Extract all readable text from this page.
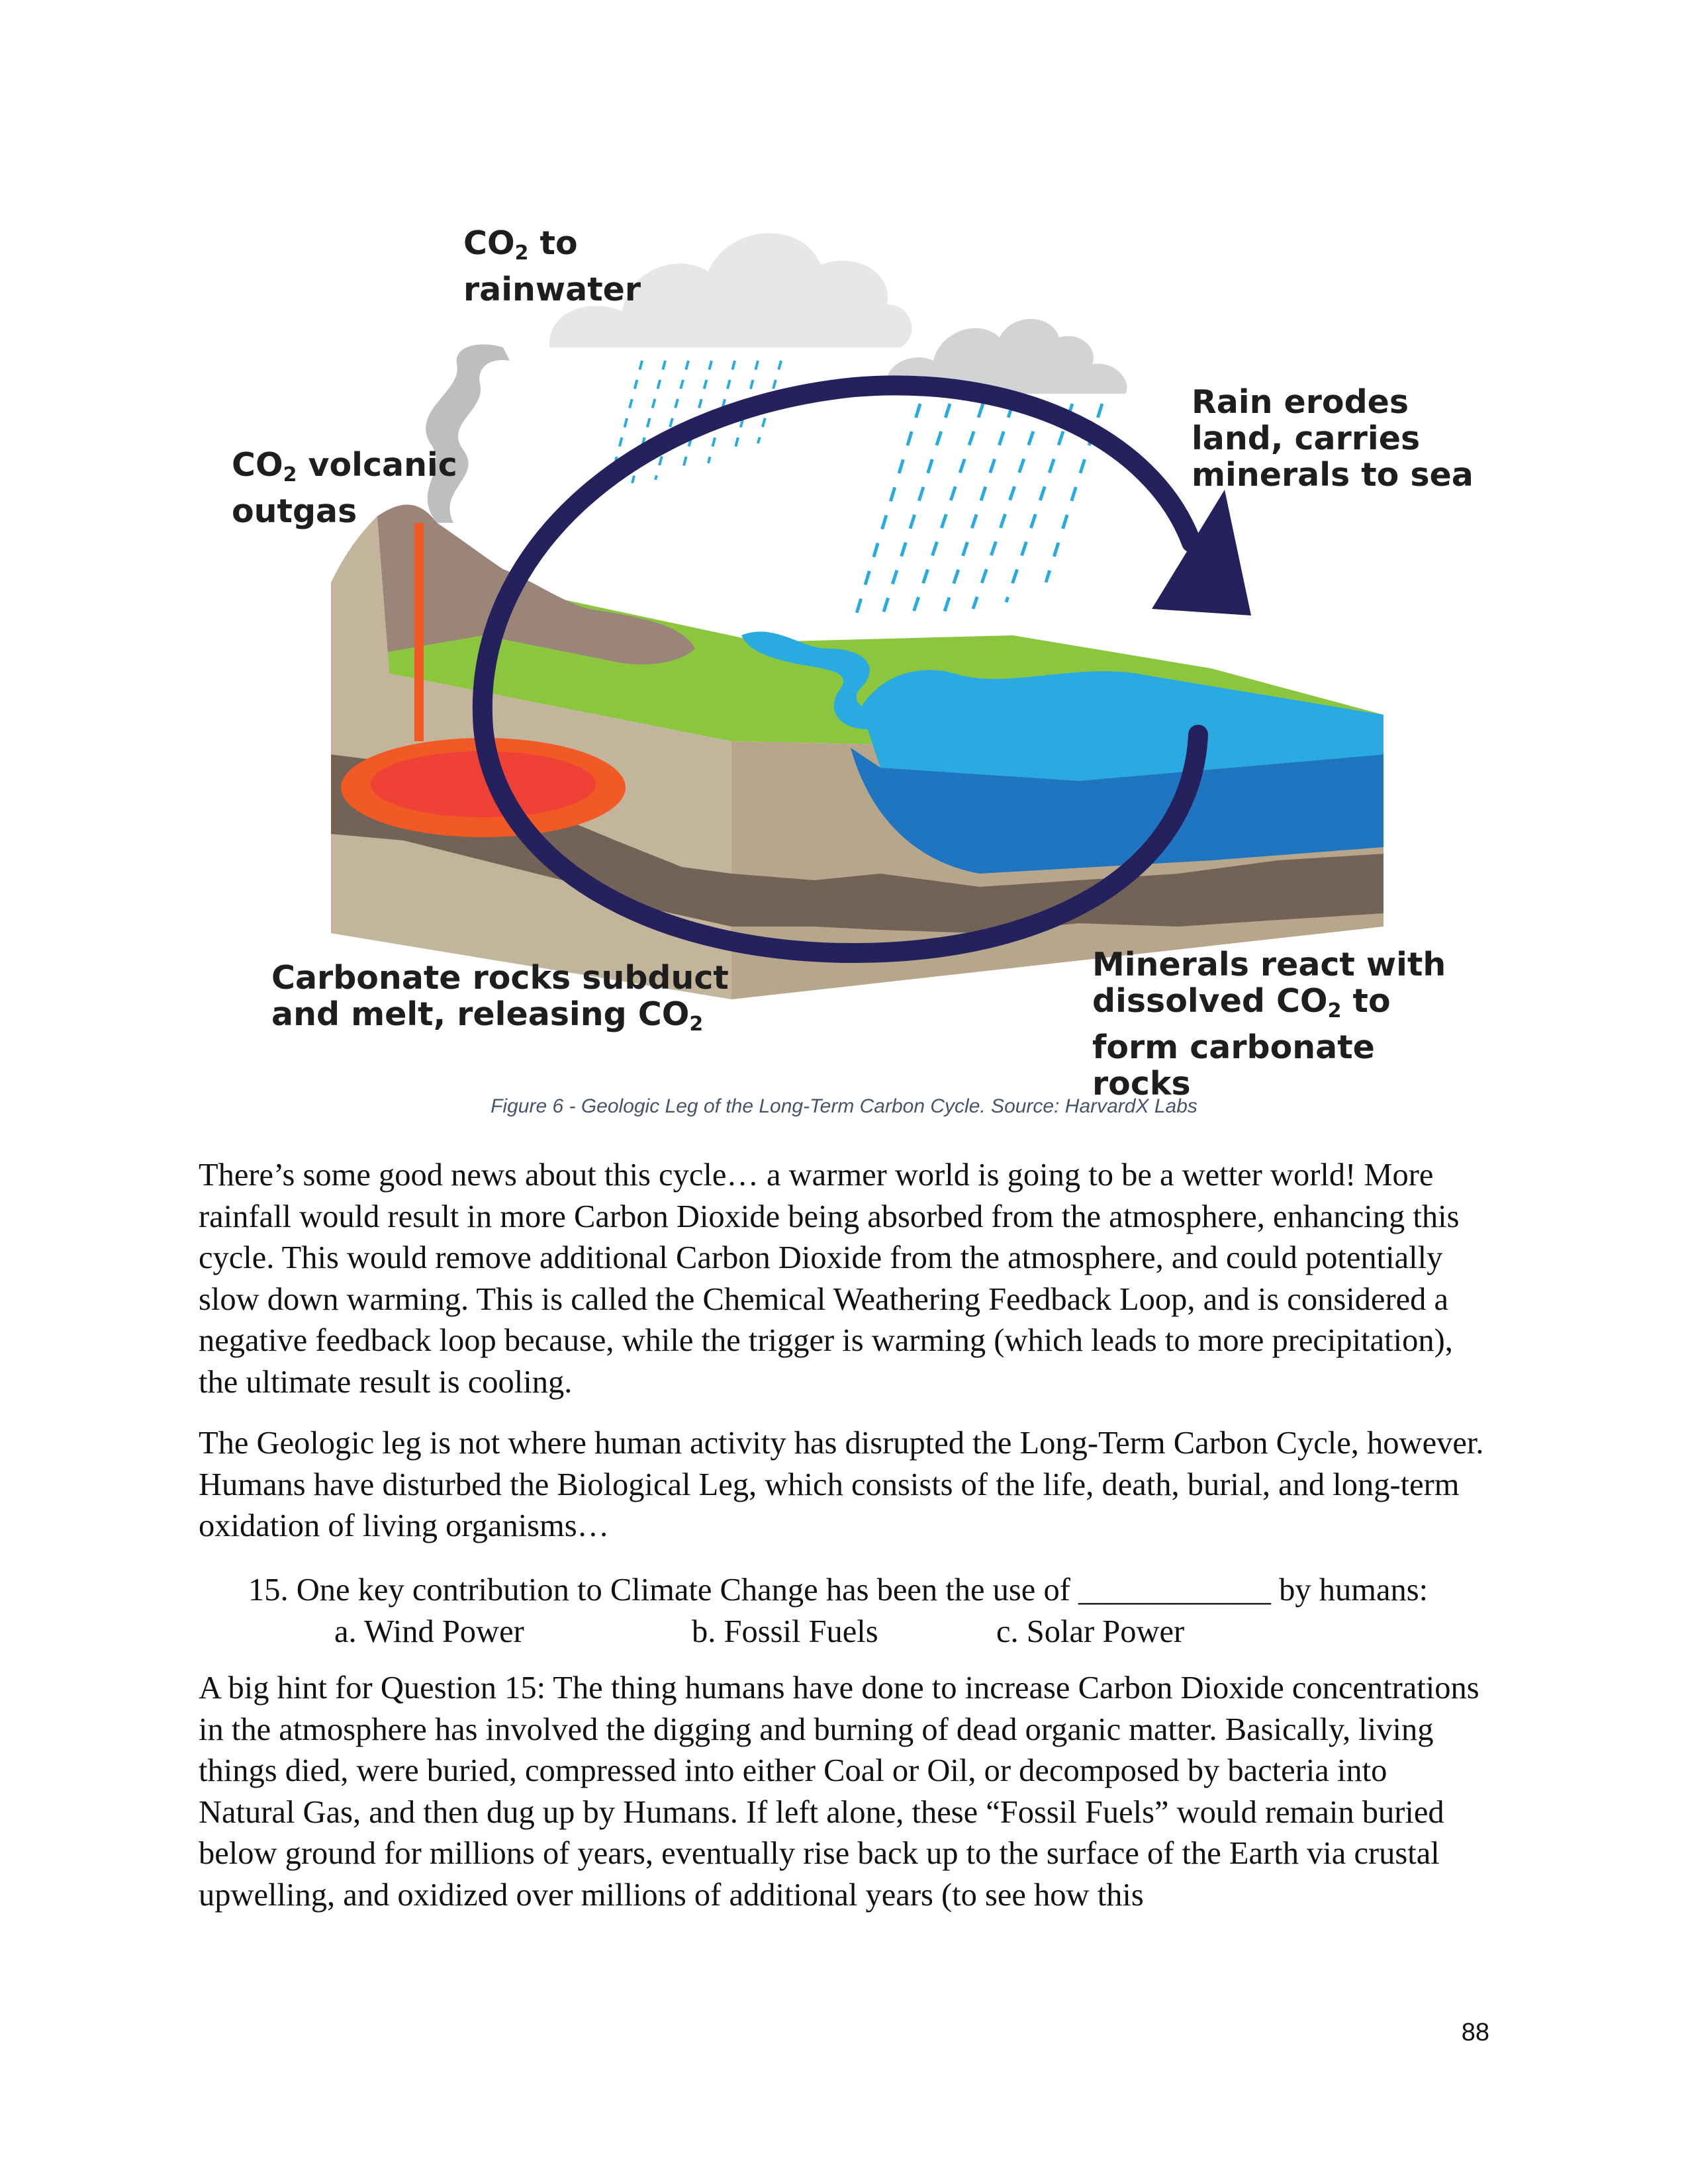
$CO_2$ to
rainwater
$CO_2$ volcanic
outgas
Rain erodes
land, carries
minerals to sea
Carbonate rocks subduct
and melt, releasing $CO_2$
Minerals react with
dissolved $CO_2$ to
form carbonate rocks
Figure 6 - Geologic Leg of the Long-Term Carbon Cycle. Source: HarvardX Labs

There’s some good news about this cycle… a warmer world is going to be a wetter world! More rainfall would result in more Carbon Dioxide being absorbed from the atmosphere, enhancing this cycle. This would remove additional Carbon Dioxide from the atmosphere, and could potentially slow down warming. This is called the Chemical Weathering Feedback Loop, and is considered a negative feedback loop because, while the trigger is warming (which leads to more precipitation), the ultimate result is cooling.

The Geologic leg is not where human activity has disrupted the Long-Term Carbon Cycle, however. Humans have disturbed the Biological Leg, which consists of the life, death, burial, and long-term oxidation of living organisms…

15. One key contribution to Climate Change has been the use of ____________ by humans:
a. Wind Power	b. Fossil Fuels	c. Solar Power

A big hint for Question 15: The thing humans have done to increase Carbon Dioxide concentrations in the atmosphere has involved the digging and burning of dead organic matter. Basically, living things died, were buried, compressed into either Coal or Oil, or decomposed by bacteria into Natural Gas, and then dug up by Humans. If left alone, these “Fossil Fuels” would remain buried below ground for millions of years, eventually rise back up to the surface of the Earth via crustal upwelling, and oxidized over millions of additional years (to see how this

88
